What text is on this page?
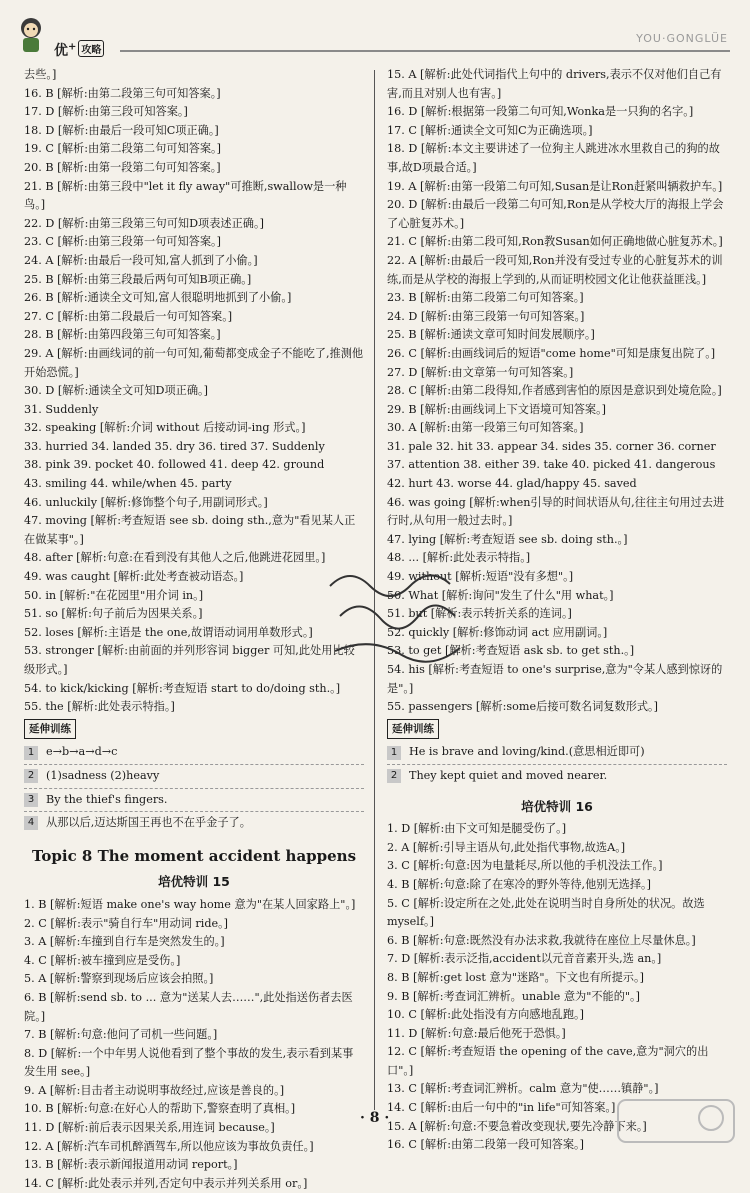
优+ 攻略
YOU·GONGLÜE
去些。]
16. B [解析:由第二段第三句可知答案。]
17. D [解析:由第三段可知答案。]
18. D [解析:由最后一段可知C项正确。]
19. C [解析:由第二段第二句可知答案。]
20. B [解析:由第一段第二句可知答案。]
21. B [解析:由第三段中"let it fly away"可推断,swallow是一种鸟。]
22. D [解析:由第三段第三句可知D项表述正确。]
23. C [解析:由第三段第一句可知答案。]
24. A [解析:由最后一段可知,富人抓到了小偷。]
25. B [解析:由第三段最后两句可知B项正确。]
26. B [解析:通读全文可知,富人很聪明地抓到了小偷。]
27. C [解析:由第二段最后一句可知答案。]
28. B [解析:由第四段第三句可知答案。]
29. A [解析:由画线词的前一句可知,葡萄都变成金子不能吃了,推测他开始恐慌。]
30. D [解析:通读全文可知D项正确。]
31. Suddenly
32. speaking [解析:介词 without 后接动词-ing 形式。]
33. hurried 34. landed 35. dry 36. tired 37. Suddenly
38. pink 39. pocket 40. followed 41. deep 42. ground
43. smiling 44. while/when 45. party
46. unluckily [解析:修饰整个句子,用副词形式。]
47. moving [解析:考查短语 see sb. doing sth.,意为"看见某人正在做某事"。]
48. after [解析:句意:在看到没有其他人之后,他跳进花园里。]
49. was caught [解析:此处考查被动语态。]
50. in [解析:"在花园里"用介词 in。]
51. so [解析:句子前后为因果关系。]
52. loses [解析:主语是 the one,故谓语动词用单数形式。]
53. stronger [解析:由前面的并列形容词 bigger 可知,此处用比较级形式。]
54. to kick/kicking [解析:考查短语 start to do/doing sth.。]
55. the [解析:此处表示特指。]
延伸训练
1	e→b→a→d→c
2	(1)sadness (2)heavy
3	By the thief's fingers.
4	从那以后,迈达斯国王再也不在乎金子了。
Topic 8 The moment accident happens
培优特训 15
1. B [解析:短语 make one's way home 意为"在某人回家路上"。]
2. C [解析:表示"骑自行车"用动词 ride。]
3. A [解析:车撞到自行车是突然发生的。]
4. C [解析:被车撞到应是受伤。]
5. A [解析:警察到现场后应该会拍照。]
6. B [解析:send sb. to ... 意为"送某人去……",此处指送伤者去医院。]
7. B [解析:句意:他问了司机一些问题。]
8. D [解析:一个中年男人说他看到了整个事故的发生,表示看到某事发生用 see。]
9. A [解析:目击者主动说明事故经过,应该是善良的。]
10. B [解析:句意:在好心人的帮助下,警察查明了真相。]
11. D [解析:前后表示因果关系,用连词 because。]
12. A [解析:汽车司机醉酒驾车,所以他应该为事故负责任。]
13. B [解析:表示新闻报道用动词 report。]
14. C [解析:此处表示并列,否定句中表示并列关系用 or。]
15. A [解析:此处代词指代上句中的 drivers,表示不仅对他们自己有害,而且对别人也有害。]
16. D [解析:根据第一段第二句可知,Wonka是一只狗的名字。]
17. C [解析:通读全文可知C为正确选项。]
18. D [解析:本文主要讲述了一位狗主人跳进冰水里救自己的狗的故事,故D项最合适。]
19. A [解析:由第一段第二句可知,Susan是让Ron赶紧叫辆救护车。]
20. D [解析:由最后一段第二句可知,Ron是从学校大厅的海报上学会了心脏复苏术。]
21. C [解析:由第二段可知,Ron教Susan如何正确地做心脏复苏术。]
22. A [解析:由最后一段可知,Ron并没有受过专业的心脏复苏术的训练,而是从学校的海报上学到的,从而证明校园文化让他获益匪浅。]
23. B [解析:由第二段第二句可知答案。]
24. D [解析:由第三段第一句可知答案。]
25. B [解析:通读文章可知时间发展顺序。]
26. C [解析:由画线词后的短语"come home"可知是康复出院了。]
27. D [解析:由文章第一句可知答案。]
28. C [解析:由第二段得知,作者感到害怕的原因是意识到处境危险。]
29. B [解析:由画线词上下文语境可知答案。]
30. A [解析:由第一段第三句可知答案。]
31. pale 32. hit 33. appear 34. sides 35. corner 36. corner
37. attention 38. either 39. take 40. picked 41. dangerous
42. hurt 43. worse 44. glad/happy 45. saved
46. was going [解析:when引导的时间状语从句,往往主句用过去进行时,从句用一般过去时。]
47. lying [解析:考查短语 see sb. doing sth.。]
48. ... [解析:此处表示特指。]
49. without [解析:短语"没有多想"。]
50. What [解析:询问"发生了什么"用 what。]
51. but [解析:表示转折关系的连词。]
52. quickly [解析:修饰动词 act 应用副词。]
53. to get [解析:考查短语 ask sb. to get sth.。]
54. his [解析:考查短语 to one's surprise,意为"令某人感到惊讶的是"。]
55. passengers [解析:some后接可数名词复数形式。]
延伸训练
1	He is brave and loving/kind.(意思相近即可)
2	They kept quiet and moved nearer.
培优特训 16
1. D [解析:由下文可知是腿受伤了。]
2. A [解析:引导主语从句,此处指代事物,故选A。]
3. C [解析:句意:因为电量耗尽,所以他的手机没法工作。]
4. B [解析:句意:除了在寒冷的野外等待,他别无选择。]
5. C [解析:设定所在之处,此处在说明当时自身所处的状况。故选 myself。]
6. B [解析:句意:既然没有办法求救,我就待在座位上尽量休息。]
7. D [解析:表示泛指,accident以元音音素开头,选 an。]
8. B [解析:get lost 意为"迷路"。下文也有所提示。]
9. B [解析:考查词汇辨析。unable 意为"不能的"。]
10. C [解析:此处指没有方向感地乱跑。]
11. D [解析:句意:最后他死于恐惧。]
12. C [解析:考查短语 the opening of the cave,意为"洞穴的出口"。]
13. C [解析:考查词汇辨析。calm 意为"使……镇静"。]
14. C [解析:由后一句中的"in life"可知答案。]
15. A [解析:句意:不要急着改变现状,要先冷静下来。]
16. C [解析:由第二段第一段可知答案。]
· 8 ·
